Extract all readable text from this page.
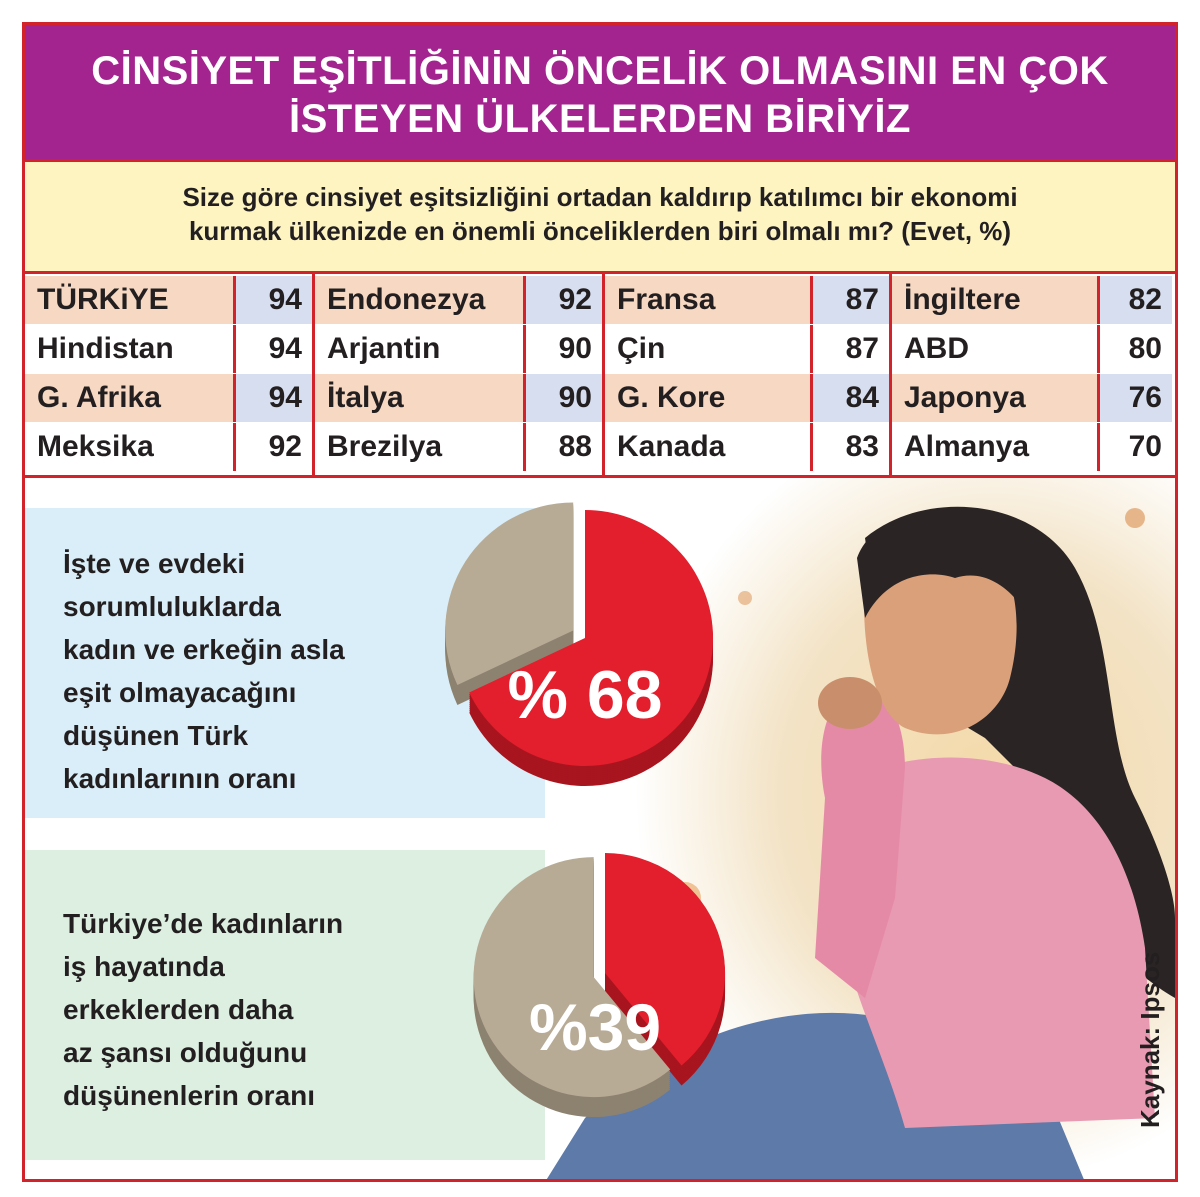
CİNSİYET EŞİTLİĞİNİN ÖNCELİK OLMASINI EN ÇOK
İSTEYEN ÜLKELERDEN BİRİYİZ

Size göre cinsiyet eşitsizliğini ortadan kaldırıp katılımcı bir ekonomi
kurmak ülkenizde en önemli önceliklerden biri olmalı mı? (Evet, %)

TÜRKiYE	94
Hindistan	94
G. Afrika	94
Meksika	92
Endonezya	92
Arjantin	90
İtalya	90
Brezilya	88
Fransa	87
Çin	87
G. Kore	84
Kanada	83
İngiltere	82
ABD	80
Japonya	76
Almanya	70

İşte ve evdeki
sorumluluklarda
kadın ve erkeğin asla
eşit olmayacağını
düşünen Türk
kadınlarının oranı

Türkiye’de kadınların
iş hayatında
erkeklerden daha
az şansı olduğunu
düşünenlerin oranı

% 68
%39	Kaynak: Ipsos
